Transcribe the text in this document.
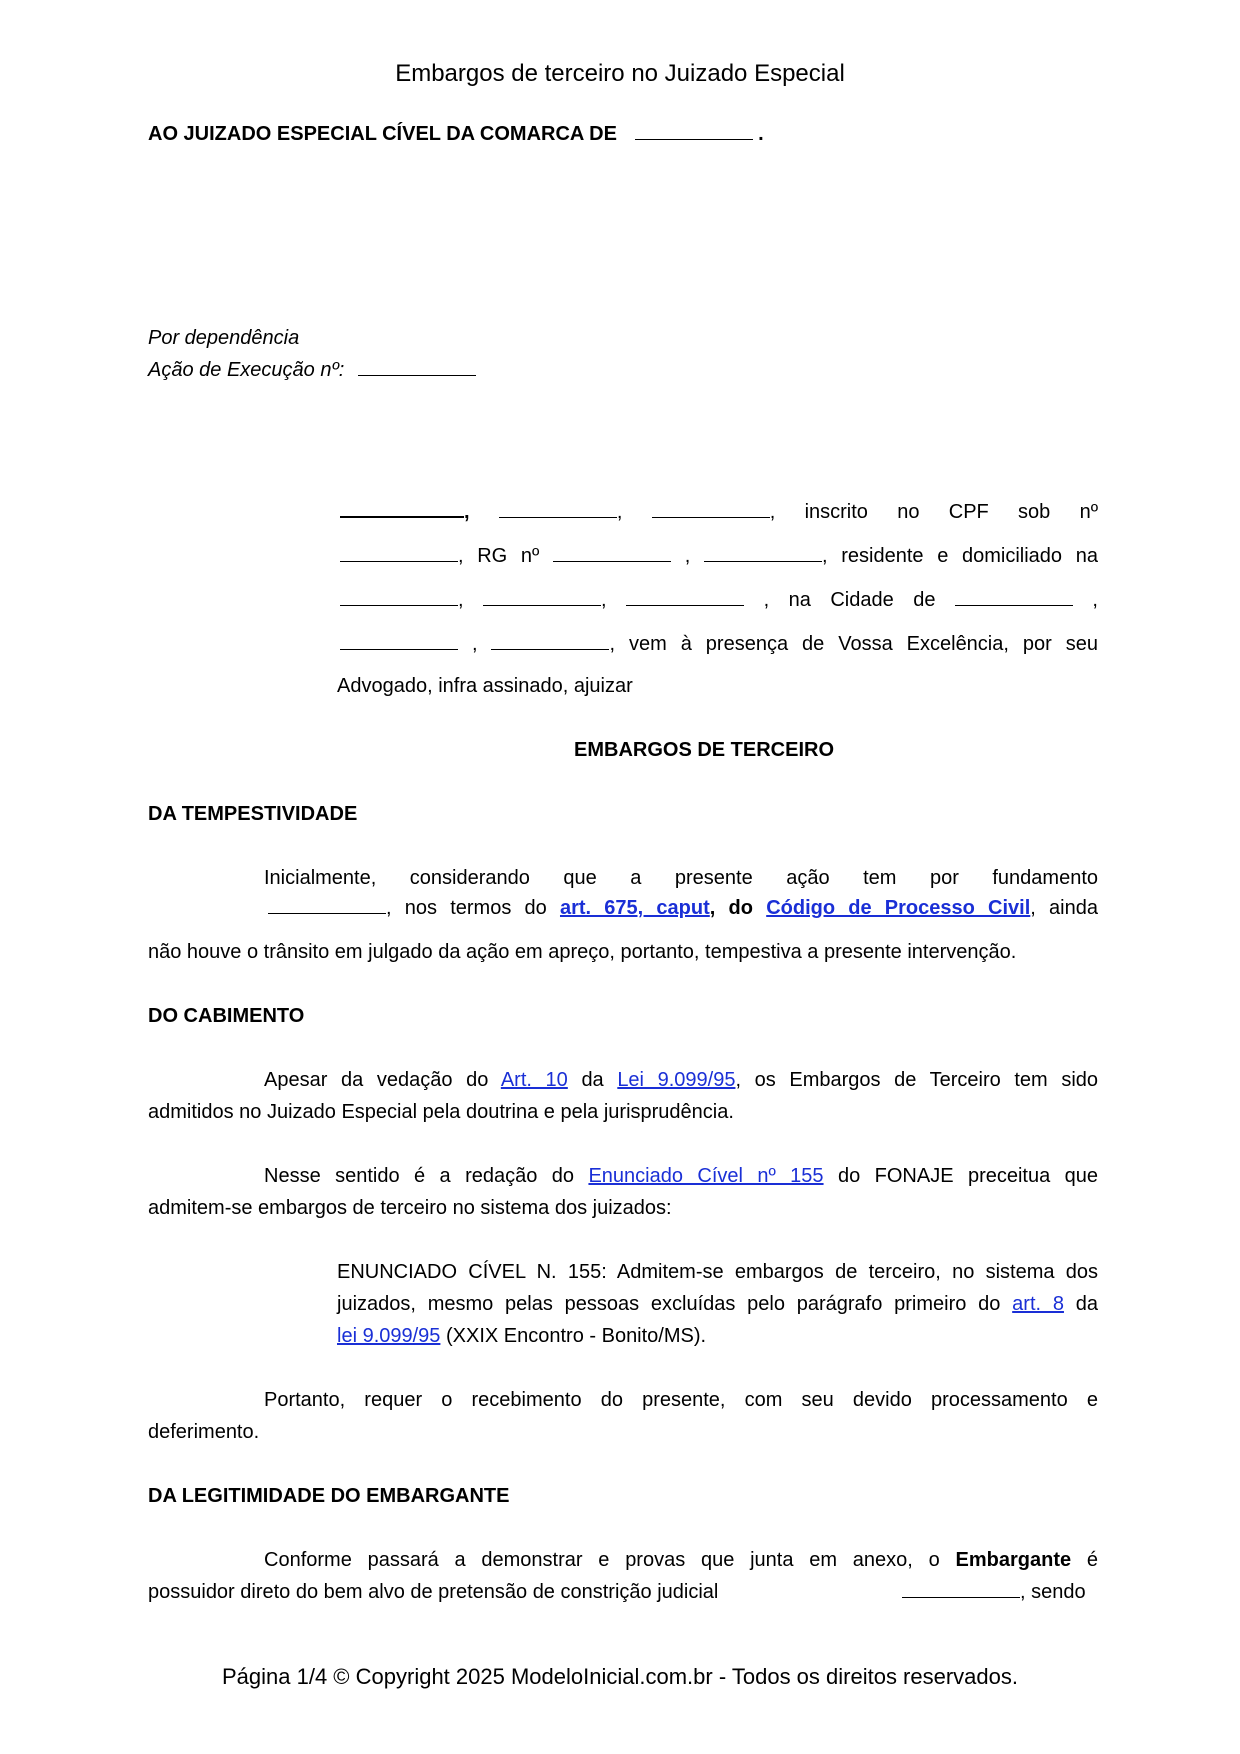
Embargos de terceiro no Juizado Especial
AO JUIZADO ESPECIAL CÍVEL DA COMARCA DE	.
Por dependência
Ação de Execução nº:
,	,	, inscrito no CPF sob nº
, RG nº	,	, residente e domiciliado na
,	,	, na Cidade de	,
,	, vem à presença de Vossa Excelência, por seu
Advogado, infra assinado, ajuizar
EMBARGOS DE TERCEIRO
DA TEMPESTIVIDADE
Inicialmente, considerando que a presente ação tem por fundamento
, nos termos do art. 675, caput, do Código de Processo Civil, ainda
não houve o trânsito em julgado da ação em apreço, portanto, tempestiva a presente intervenção.
DO CABIMENTO
Apesar da vedação do Art. 10 da Lei 9.099/95, os Embargos de Terceiro tem sido
admitidos no Juizado Especial pela doutrina e pela jurisprudência.
Nesse sentido é a redação do Enunciado Cível nº 155 do FONAJE preceitua que
admitem-se embargos de terceiro no sistema dos juizados:
ENUNCIADO CÍVEL N. 155: Admitem-se embargos de terceiro, no sistema dos
juizados, mesmo pelas pessoas excluídas pelo parágrafo primeiro do art. 8 da
lei 9.099/95 (XXIX Encontro - Bonito/MS).
Portanto, requer o recebimento do presente, com seu devido processamento e
deferimento.
DA LEGITIMIDADE DO EMBARGANTE
Conforme passará a demonstrar e provas que junta em anexo, o Embargante é
possuidor direto do bem alvo de pretensão de constrição judicial	, sendo
Página 1/4 © Copyright 2025 ModeloInicial.com.br - Todos os direitos reservados.
